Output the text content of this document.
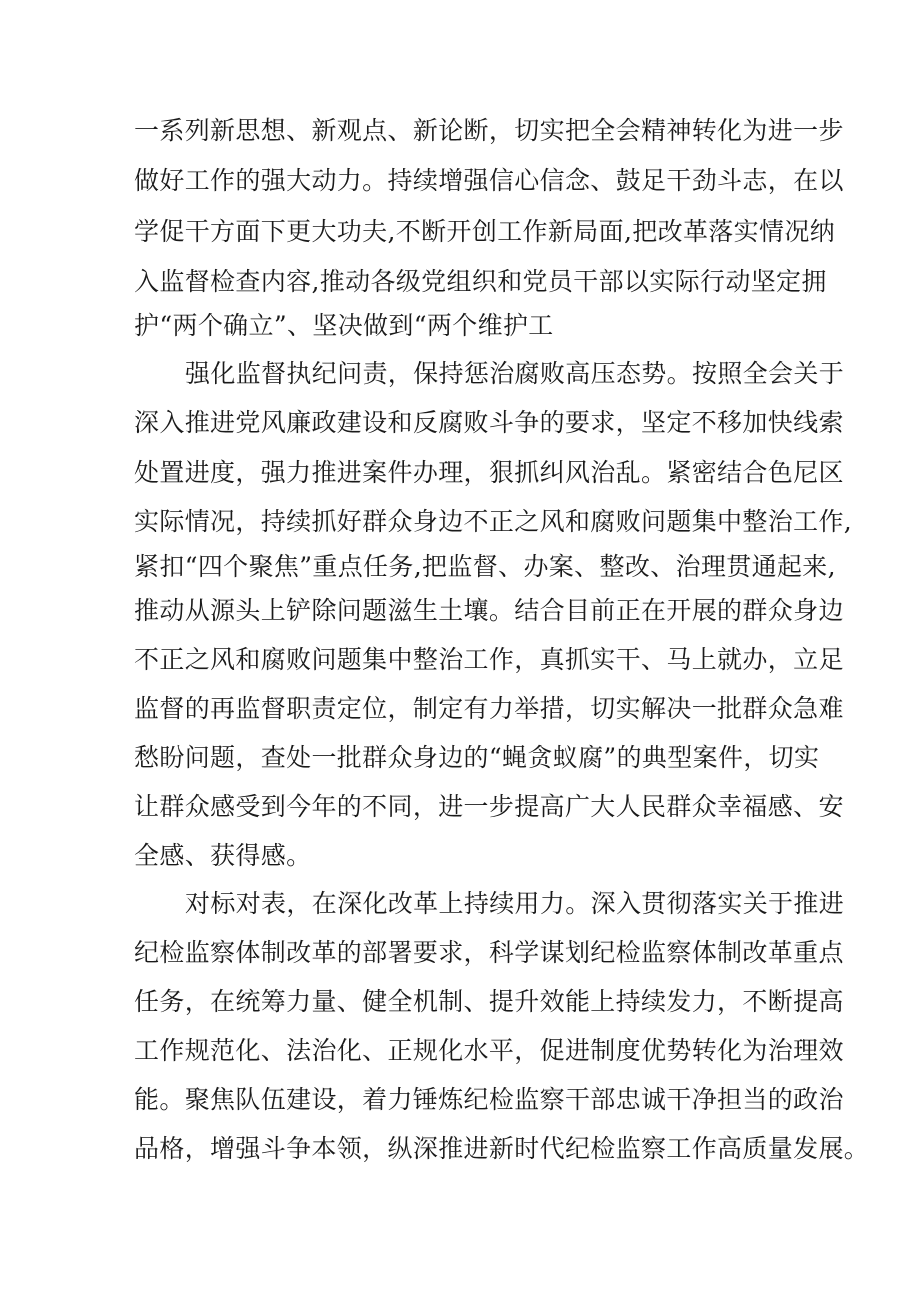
一系列新思想、新观点、新论断，切实把全会精神转化为进一步
做好工作的强大动力。持续增强信心信念、鼓足干劲斗志，在以
学促干方面下更大功夫,不断开创工作新局面,把改革落实情况纳
入监督检查内容,推动各级党组织和党员干部以实际行动坚定拥
护“两个确立”、坚决做到“两个维护工
强化监督执纪问责，保持惩治腐败高压态势。按照全会关于
深入推进党风廉政建设和反腐败斗争的要求，坚定不移加快线索
处置进度，强力推进案件办理，狠抓纠风治乱。紧密结合色尼区
实际情况，持续抓好群众身边不正之风和腐败问题集中整治工作,
紧扣“四个聚焦”重点任务,把监督、办案、整改、治理贯通起来,
推动从源头上铲除问题滋生土壤。结合目前正在开展的群众身边
不正之风和腐败问题集中整治工作，真抓实干、马上就办，立足
监督的再监督职责定位，制定有力举措，切实解决一批群众急难
愁盼问题，查处一批群众身边的“蝇贪蚁腐”的典型案件，切实
让群众感受到今年的不同，进一步提高广大人民群众幸福感、安
全感、获得感。
对标对表，在深化改革上持续用力。深入贯彻落实关于推进
纪检监察体制改革的部署要求，科学谋划纪检监察体制改革重点
任务，在统筹力量、健全机制、提升效能上持续发力，不断提高
工作规范化、法治化、正规化水平，促进制度优势转化为治理效
能。聚焦队伍建设，着力锤炼纪检监察干部忠诚干净担当的政治
品格，增强斗争本领，纵深推进新时代纪检监察工作高质量发展。
